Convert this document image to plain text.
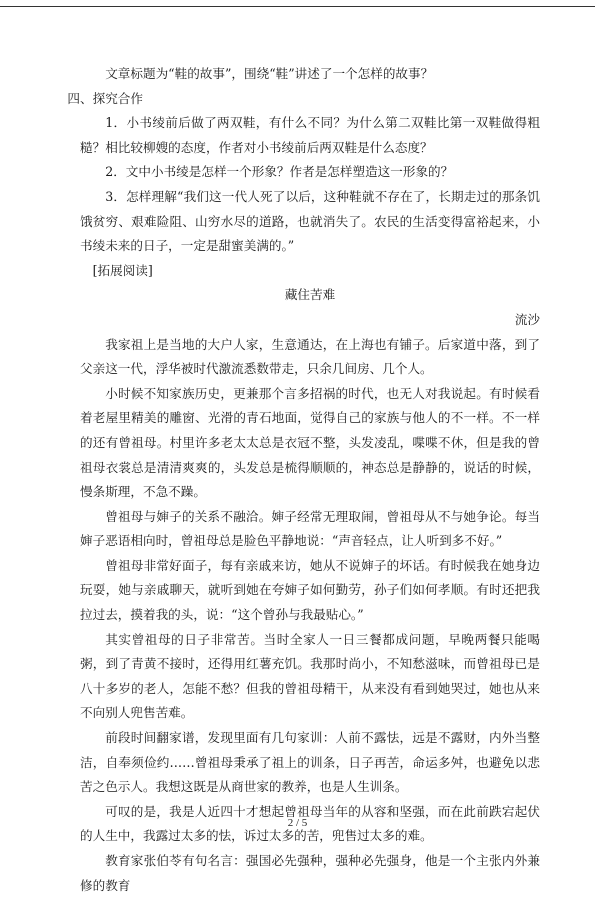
文章标题为“鞋的故事”，围绕“鞋”讲述了一个怎样的故事？

四、探究合作

1．小书绫前后做了两双鞋，有什么不同？为什么第二双鞋比第一双鞋做得粗糙？相比较柳嫂的态度，作者对小书绫前后两双鞋是什么态度？

2．文中小书绫是怎样一个形象？作者是怎样塑造这一形象的？

3．怎样理解“我们这一代人死了以后，这种鞋就不存在了，长期走过的那条饥饿贫穷、艰难险阻、山穷水尽的道路，也就消失了。农民的生活变得富裕起来，小书绫未来的日子，一定是甜蜜美满的。”

[拓展阅读]

藏住苦难

流沙

我家祖上是当地的大户人家，生意通达，在上海也有铺子。后家道中落，到了父亲这一代，浮华被时代激流悉数带走，只余几间房、几个人。

小时候不知家族历史，更兼那个言多招祸的时代，也无人对我说起。有时候看着老屋里精美的雕窗、光滑的青石地面，觉得自己的家族与他人的不一样。不一样的还有曾祖母。村里许多老太太总是衣冠不整，头发凌乱，喋喋不休，但是我的曾祖母衣裳总是清清爽爽的，头发总是梳得顺顺的，神态总是静静的，说话的时候，慢条斯理，不急不躁。

曾祖母与婶子的关系不融洽。婶子经常无理取闹，曾祖母从不与她争论。每当婶子恶语相向时，曾祖母总是脸色平静地说：“声音轻点，让人听到多不好。”

曾祖母非常好面子，每有亲戚来访，她从不说婶子的坏话。有时候我在她身边玩耍，她与亲戚聊天，就听到她在夸婶子如何勤劳，孙子们如何孝顺。有时还把我拉过去，摸着我的头，说：“这个曾孙与我最贴心。”

其实曾祖母的日子非常苦。当时全家人一日三餐都成问题，早晚两餐只能喝粥，到了青黄不接时，还得用红薯充饥。我那时尚小，不知愁滋味，而曾祖母已是八十多岁的老人，怎能不愁？但我的曾祖母精干，从来没有看到她哭过，她也从来不向别人兜售苦难。

前段时间翻家谱，发现里面有几句家训：人前不露怯，远是不露财，内外当整洁，自奉须俭约……曾祖母秉承了祖上的训条，日子再苦，命运多舛，也避免以悲苦之色示人。我想这既是从商世家的教养，也是人生训条。

可叹的是，我是人近四十才想起曾祖母当年的从容和坚强，而在此前跌宕起伏的人生中，我露过太多的怯，诉过太多的苦，兜售过太多的难。

教育家张伯苓有句名言：强国必先强种，强种必先强身，他是一个主张内外兼修的教育

2 / 5
